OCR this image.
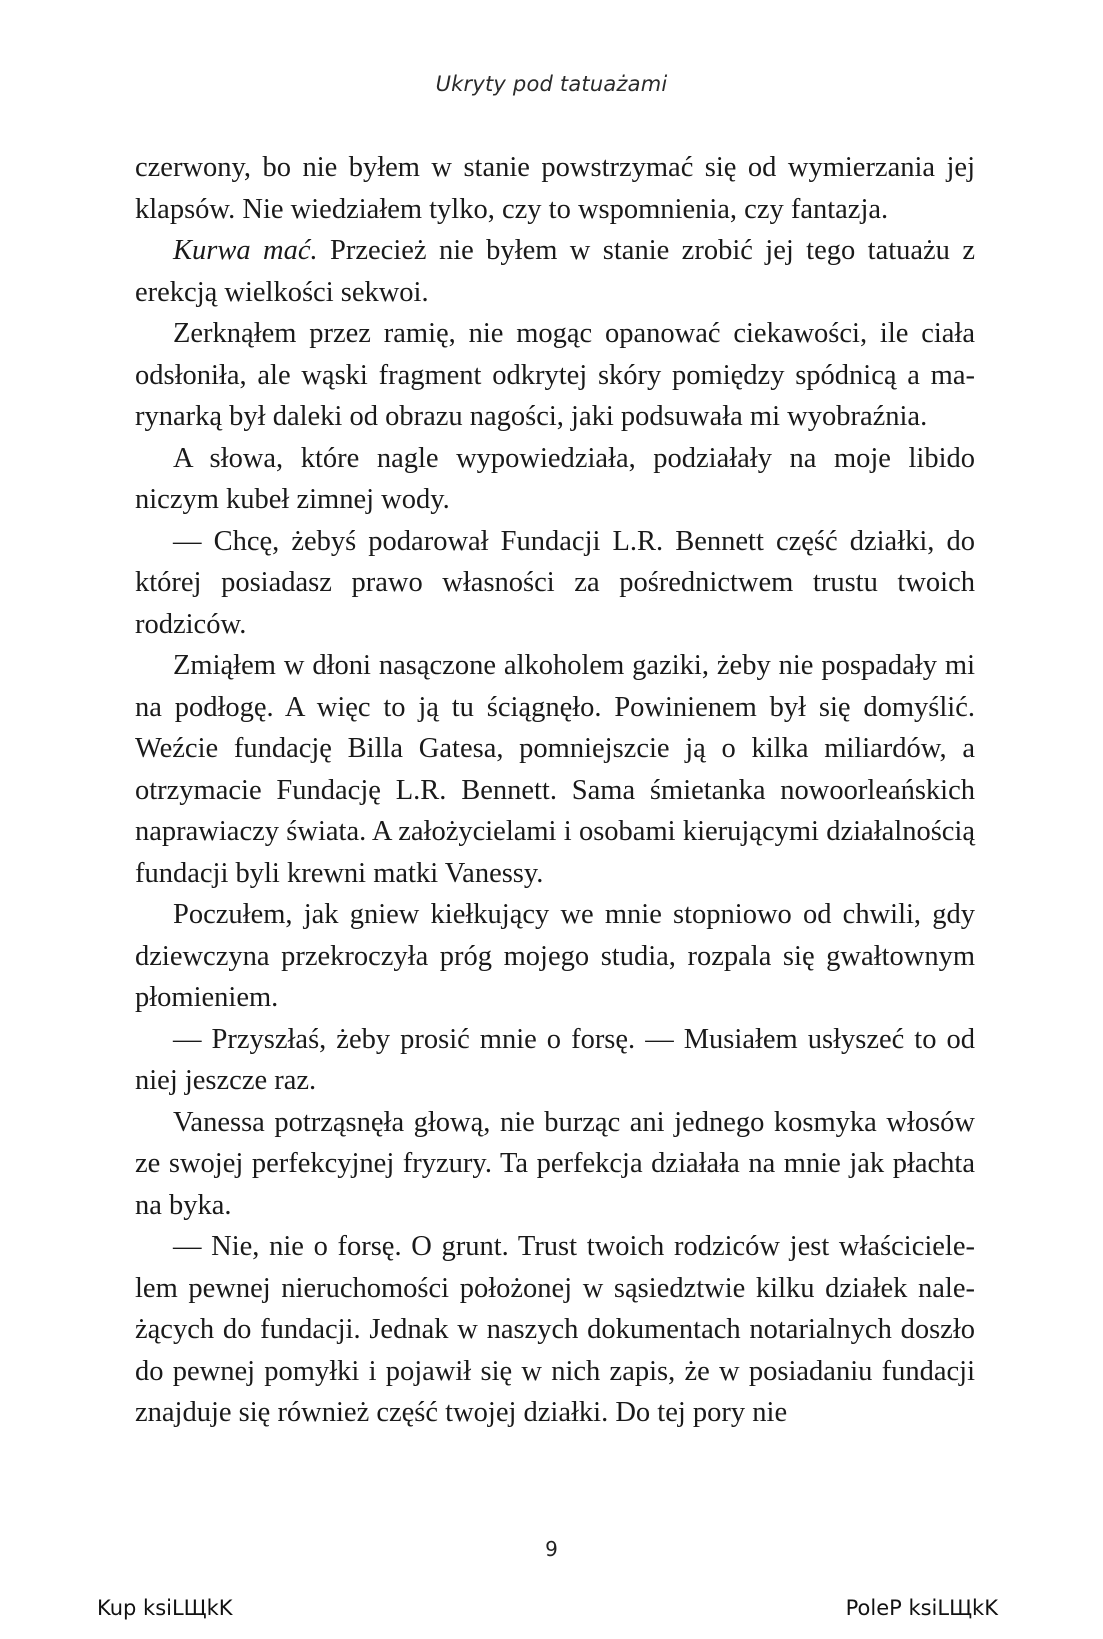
Ukryty pod tatuażami

czerwony, bo nie byłem w stanie powstrzymać się od wymierzania jej klapsów. Nie wiedziałem tylko, czy to wspomnienia, czy fantazja.

Kurwa mać. Przecież nie byłem w stanie zrobić jej tego tatuażu z erekcją wielkości sekwoi.

Zerknąłem przez ramię, nie mogąc opanować ciekawości, ile ciała odsłoniła, ale wąski fragment odkrytej skóry pomiędzy spódnicą a marynarką był daleki od obrazu nagości, jaki podsuwała mi wyobraźnia.

A słowa, które nagle wypowiedziała, podziałały na moje libido niczym kubeł zimnej wody.

— Chcę, żebyś podarował Fundacji L.R. Bennett część działki, do której posiadasz prawo własności za pośrednictwem trustu twoich rodziców.

Zmiąłem w dłoni nasączone alkoholem gaziki, żeby nie pospadały mi na podłogę. A więc to ją tu ściągnęło. Powinienem był się domyślić. Weźcie fundację Billa Gatesa, pomniejszcie ją o kilka miliardów, a otrzymacie Fundację L.R. Bennett. Sama śmietanka nowoorleańskich naprawiaczy świata. A założycielami i osobami kierującymi działalnością fundacji byli krewni matki Vanessy.

Poczułem, jak gniew kiełkujący we mnie stopniowo od chwili, gdy dziewczyna przekroczyła próg mojego studia, rozpala się gwałtownym płomieniem.

— Przyszłaś, żeby prosić mnie o forsę. — Musiałem usłyszeć to od niej jeszcze raz.

Vanessa potrząsnęła głową, nie burząc ani jednego kosmyka włosów ze swojej perfekcyjnej fryzury. Ta perfekcja działała na mnie jak płachta na byka.

— Nie, nie o forsę. O grunt. Trust twoich rodziców jest właścicielelem pewnej nieruchomości położonej w sąsiedztwie kilku działek należących do fundacji. Jednak w naszych dokumentach notarialnych doszło do pewnej pomyłki i pojawił się w nich zapis, że w posiadaniu fundacji znajduje się również część twojej działki. Do tej pory nie

9
Kup ksiLЩkK	PoleP ksiLЩkK
